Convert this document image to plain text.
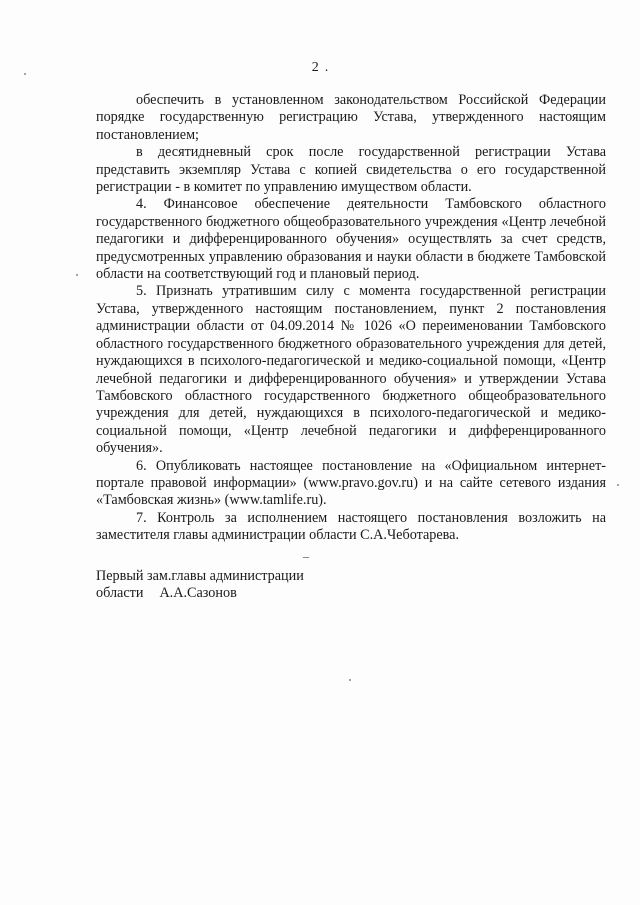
2 .

обеспечить в установленном законодательством Российской Федерации порядке государственную регистрацию Устава, утвержденного настоящим постановлением;

в десятидневный срок после государственной регистрации Устава представить экземпляр Устава с копией свидетельства о его государственной регистрации - в комитет по управлению имуществом области.

4. Финансовое обеспечение деятельности Тамбовского областного государственного бюджетного общеобразовательного учреждения «Центр лечебной педагогики и дифференцированного обучения» осуществлять за счет средств, предусмотренных управлению образования и науки области в бюджете Тамбовской области на соответствующий год и плановый период.

5. Признать утратившим силу с момента государственной регистрации Устава, утвержденного настоящим постановлением, пункт 2 постановления администрации области от 04.09.2014 № 1026 «О переименовании Тамбовского областного государственного бюджетного образовательного учреждения для детей, нуждающихся в психолого-педагогической и медико-социальной помощи, «Центр лечебной педагогики и дифференцированного обучения» и утверждении Устава Тамбовского областного государственного бюджетного общеобразовательного учреждения для детей, нуждающихся в психолого-педагогической и медико-социальной помощи, «Центр лечебной педагогики и дифференцированного обучения».

6. Опубликовать настоящее постановление на «Официальном интернет-портале правовой информации» (www.pravo.gov.ru) и на сайте сетевого издания «Тамбовская жизнь» (www.tamlife.ru).

7. Контроль за исполнением настоящего постановления возложить на заместителя главы администрации области С.А.Чеботарева.

Первый зам.главы администрации
области А.А.Сазонов
